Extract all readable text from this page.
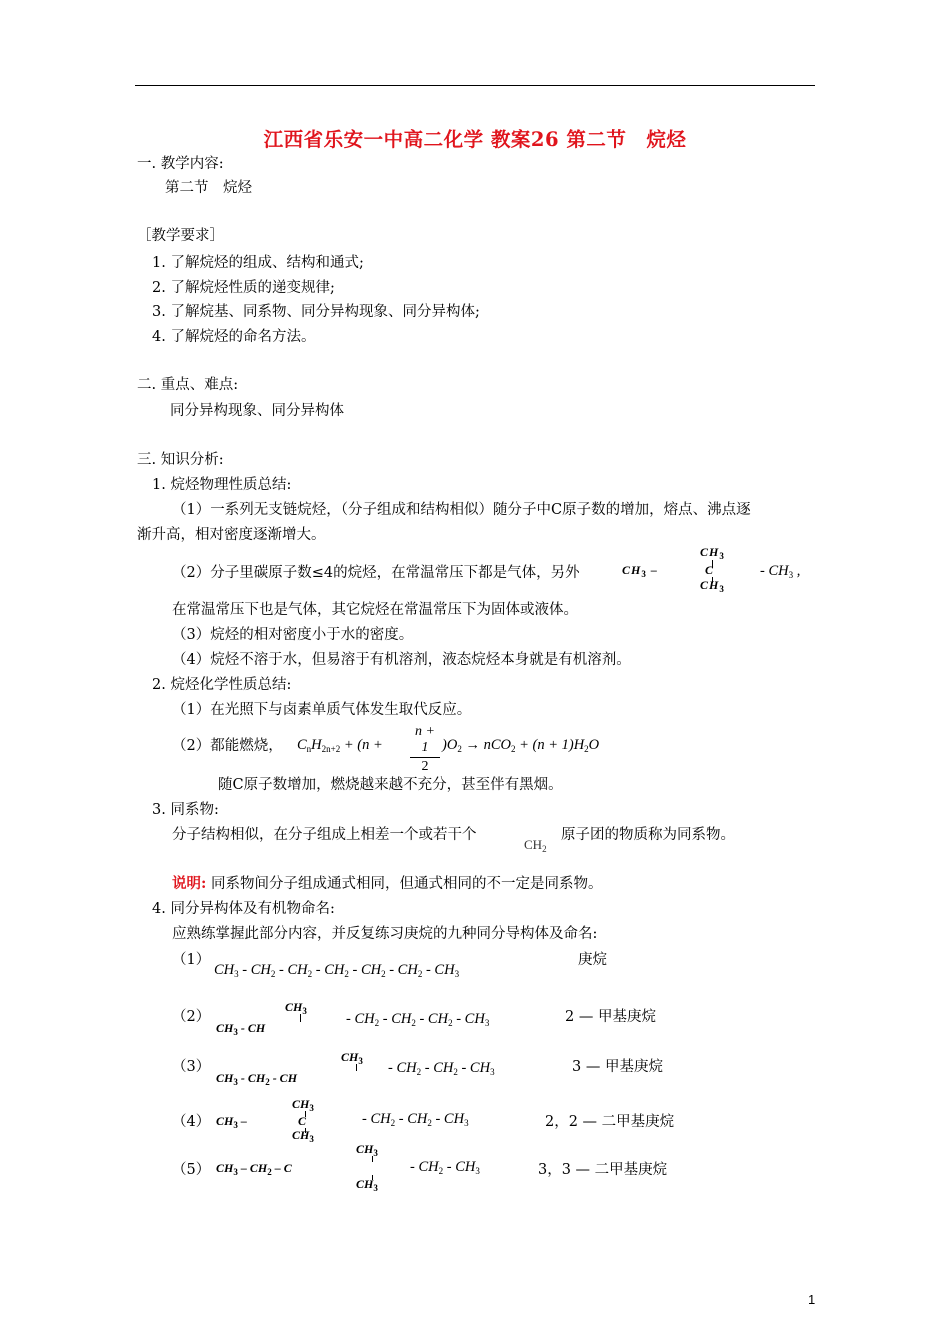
江西省乐安一中高二化学 教案26 第二节　烷烃
一. 教学内容:
第二节　烷烃
［教学要求］
1. 了解烷烃的组成、结构和通式;
2. 了解烷烃性质的递变规律;
3. 了解烷基、同系物、同分异构现象、同分异构体;
4. 了解烷烃的命名方法。
二. 重点、难点:
同分异构现象、同分异构体
三. 知识分析:
1. 烷烃物理性质总结:
（1）一系列无支链烷烃，（分子组成和结构相似）随分子中C原子数的增加，熔点、沸点逐
渐升高，相对密度逐渐增大。
（2）分子里碳原子数≤4的烷烃，在常温常压下都是气体，另外
$CH_3$
$CH_3$ –	C	- $CH_3$ ,
$CH_3$
在常温常压下也是气体，其它烷烃在常温常压下为固体或液体。
（3）烷烃的相对密度小于水的密度。
（4）烷烃不溶于水，但易溶于有机溶剂，液态烷烃本身就是有机溶剂。
2. 烷烃化学性质总结:
（1）在光照下与卤素单质气体发生取代反应。
（2）都能燃烧， $C_nH_{2n+2} + (n$ +
n + 1
2
)$O_2 \to nCO_2 + (n + 1)H_2O$
随C原子数增加，燃烧越来越不充分，甚至伴有黑烟。
3. 同系物:
分子结构相似，在分子组成上相差一个或若干个
$CH_2$
原子团的物质称为同系物。
说明: 同系物间分子组成通式相同，但通式相同的不一定是同系物。
4. 同分异构体及有机物命名:
应熟练掌握此部分内容，并反复练习庚烷的九种同分导构体及命名:
（1）
$CH_3 - CH_2 - CH_2 - CH_2 - CH_2 - CH_2 - CH_3$
庚烷
（2）
$CH_3$
$CH_3$ - CH
- $CH_2 - CH_2 - CH_2 - CH_3$	2 — 甲基庚烷
（3）
$CH_3$
$CH_3 - CH_2$ - CH
- $CH_2 - CH_2 - CH_3$	3 — 甲基庚烷
（4）
$CH_3$
$CH_3$ –	C	- $CH_2 - CH_2 - CH_3$
$CH_3$
2，2 — 二甲基庚烷
（5）
$CH_3$
$CH_3 - CH_2$ – C	- $CH_2 - CH_3$
$CH_3$
3，3 — 二甲基庚烷
1
